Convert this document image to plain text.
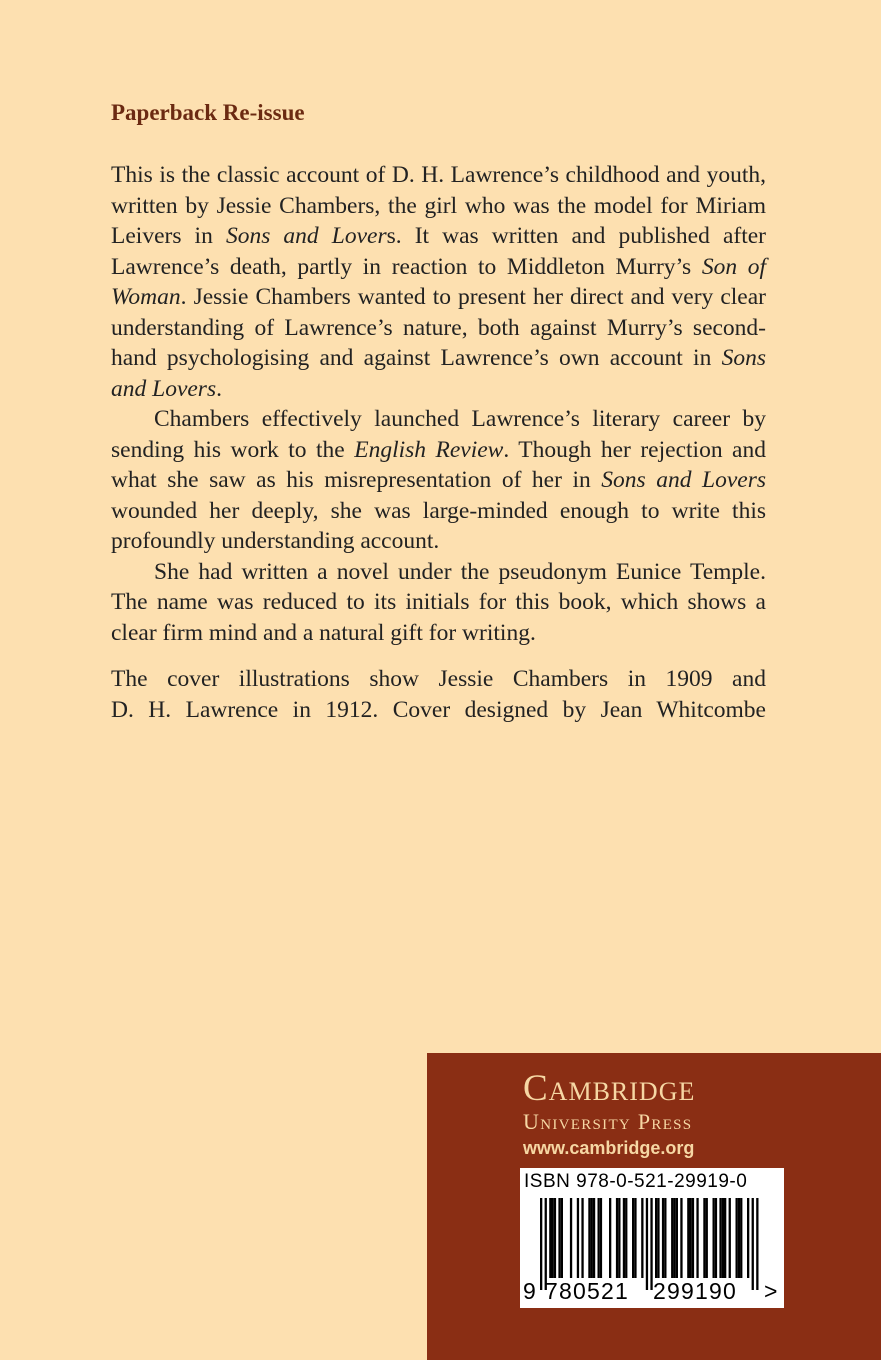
Paperback Re-issue

This is the classic account of D. H. Lawrence’s childhood and youth, written by Jessie Chambers, the girl who was the model for Miriam Leivers in Sons and Lovers. It was written and published after Lawrence’s death, partly in reaction to Middleton Murry’s Son of Woman. Jessie Chambers wanted to present her direct and very clear understanding of Lawrence’s nature, both against Murry’s second-hand psychologising and against Lawrence’s own account in Sons and Lovers.

Chambers effectively launched Lawrence’s literary career by sending his work to the English Review. Though her rejection and what she saw as his misrepresentation of her in Sons and Lovers wounded her deeply, she was large-minded enough to write this profoundly understanding account.

She had written a novel under the pseudonym Eunice Temple. The name was reduced to its initials for this book, which shows a clear firm mind and a natural gift for writing.

The cover illustrations show Jessie Chambers in 1909 and
D. H. Lawrence in 1912. Cover designed by Jean Whitcombe

Cambridge

University Press

www.cambridge.org

ISBN 978-0-521-29919-0
9 780521 299190 >
